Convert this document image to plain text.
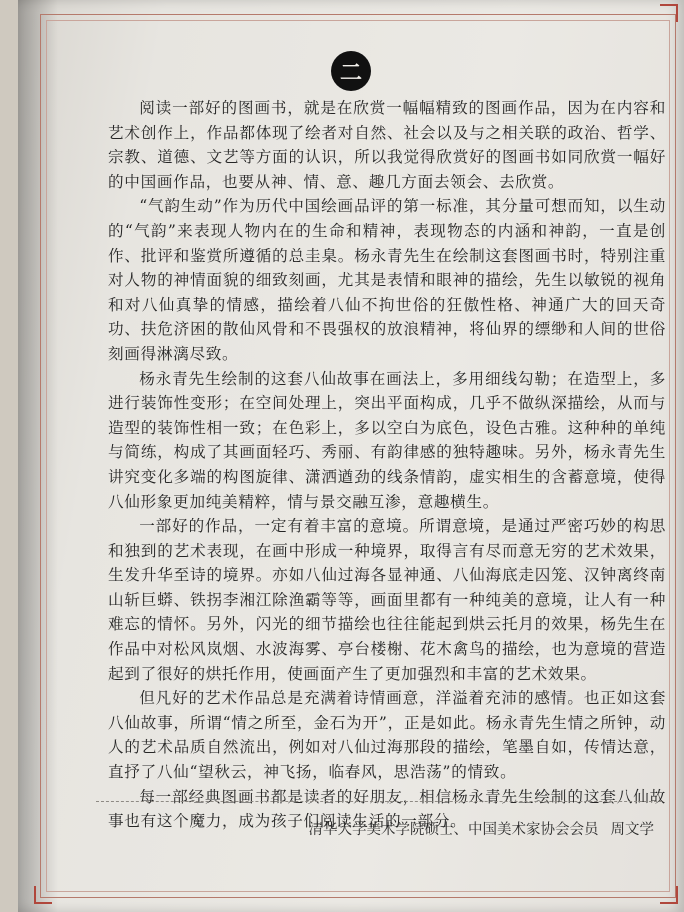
二

阅读一部好的图画书，就是在欣赏一幅幅精致的图画作品，因为在内容和艺术创作上，作品都体现了绘者对自然、社会以及与之相关联的政治、哲学、宗教、道德、文艺等方面的认识，所以我觉得欣赏好的图画书如同欣赏一幅好的中国画作品，也要从神、情、意、趣几方面去领会、去欣赏。

“气韵生动”作为历代中国绘画品评的第一标准，其分量可想而知，以生动的“气韵”来表现人物内在的生命和精神，表现物态的内涵和神韵，一直是创作、批评和鉴赏所遵循的总圭臬。杨永青先生在绘制这套图画书时，特别注重对人物的神情面貌的细致刻画，尤其是表情和眼神的描绘，先生以敏锐的视角和对八仙真挚的情感，描绘着八仙不拘世俗的狂傲性格、神通广大的回天奇功、扶危济困的散仙风骨和不畏强权的放浪精神，将仙界的缥缈和人间的世俗刻画得淋漓尽致。

杨永青先生绘制的这套八仙故事在画法上，多用细线勾勒；在造型上，多进行装饰性变形；在空间处理上，突出平面构成，几乎不做纵深描绘，从而与造型的装饰性相一致；在色彩上，多以空白为底色，设色古雅。这种种的单纯与简练，构成了其画面轻巧、秀丽、有韵律感的独特趣味。另外，杨永青先生讲究变化多端的构图旋律、潇洒遒劲的线条情韵，虚实相生的含蓄意境，使得八仙形象更加纯美精粹，情与景交融互渗，意趣横生。

一部好的作品，一定有着丰富的意境。所谓意境，是通过严密巧妙的构思和独到的艺术表现，在画中形成一种境界，取得言有尽而意无穷的艺术效果，生发升华至诗的境界。亦如八仙过海各显神通、八仙海底走囚笼、汉钟离终南山斩巨蟒、铁拐李湘江除渔霸等等，画面里都有一种纯美的意境，让人有一种难忘的情怀。另外，闪光的细节描绘也往往能起到烘云托月的效果，杨先生在作品中对松风岚烟、水波海雾、亭台楼榭、花木禽鸟的描绘，也为意境的营造起到了很好的烘托作用，使画面产生了更加强烈和丰富的艺术效果。

但凡好的艺术作品总是充满着诗情画意，洋溢着充沛的感情。也正如这套八仙故事，所谓“情之所至，金石为开”，正是如此。杨永青先生情之所钟，动人的艺术品质自然流出，例如对八仙过海那段的描绘，笔墨自如，传情达意，直抒了八仙“望秋云，神飞扬，临春风，思浩荡”的情致。

每一部经典图画书都是读者的好朋友，相信杨永青先生绘制的这套八仙故事也有这个魔力，成为孩子们阅读生活的一部分。

清华大学美术学院硕士、中国美术家协会会员 周文学
